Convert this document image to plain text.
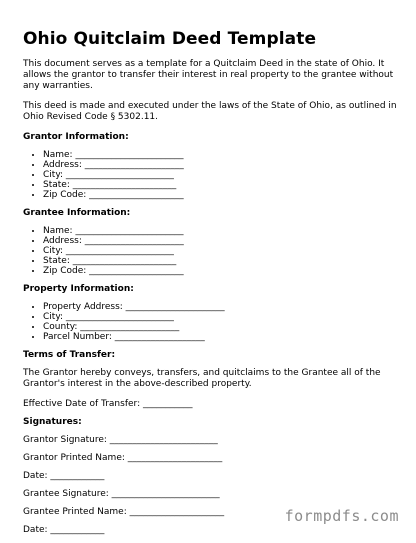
Ohio Quitclaim Deed Template

This document serves as a template for a Quitclaim Deed in the state of Ohio. It allows the grantor to transfer their interest in real property to the grantee without any warranties.

This deed is made and executed under the laws of the State of Ohio, as outlined in Ohio Revised Code § 5302.11.

Grantor Information:
• Name: ________________________
• Address: ______________________
• City: ________________________
• State: _______________________
• Zip Code: _____________________
Grantee Information:
• Name: ________________________
• Address: ______________________
• City: ________________________
• State: _______________________
• Zip Code: _____________________
Property Information:
• Property Address: ______________________
• City: ________________________
• County: ______________________
• Parcel Number: ____________________
Terms of Transfer:

The Grantor hereby conveys, transfers, and quitclaims to the Grantee all of the Grantor's interest in the above-described property.

Effective Date of Transfer: ___________
Signatures:
Grantor Signature: ________________________
Grantor Printed Name: _____________________
Date: ____________
Grantee Signature: ________________________
Grantee Printed Name: _____________________
Date: ____________
formpdfs.com
